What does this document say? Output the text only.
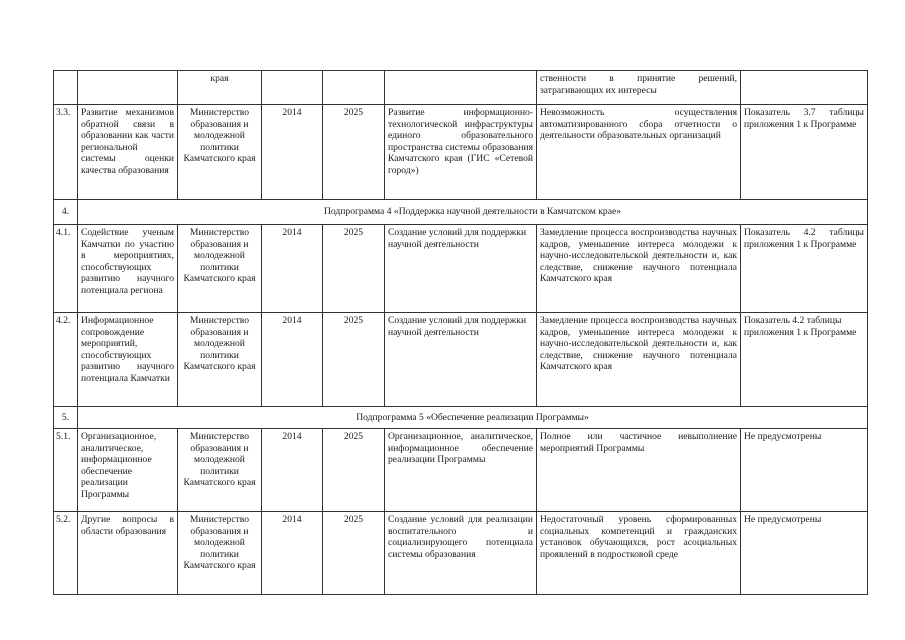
		края				ственности в принятие решений, затрагивающих их интересы	
3.3.	Развитие механизмов обратной связи в образовании как части региональной системы оценки качества образования	Министерство образования и молодежной политики Камчатского края	2014	2025	Развитие информационно-технологической инфраструктуры единого образовательного пространства системы образования Камчатского края (ГИС «Сетевой город»)	Невозможность осуществления автоматизированного сбора отчетности о деятельности образовательных организаций	Показатель 3.7 таблицы приложения 1 к Программе
4.	Подпрограмма 4 «Поддержка научной деятельности в Камчатском крае»						
4.1.	Содействие ученым Камчатки по участию в мероприятиях, способствующих развитию научного потенциала региона	Министерство образования и молодежной политики Камчатского края	2014	2025	Создание условий для поддержки научной деятельности	Замедление процесса воспроизводства научных кадров, уменьшение интереса молодежи к научно-исследовательской деятельности и, как следствие, снижение научного потенциала Камчатского края	Показатель 4.2 таблицы приложения 1 к Программе
4.2.	Информационное сопровождение мероприятий, способствующих развитию научного потенциала Камчатки	Министерство образования и молодежной политики Камчатского края	2014	2025	Создание условий для поддержки научной деятельности	Замедление процесса воспроизводства научных кадров, уменьшение интереса молодежи к научно-исследовательской деятельности и, как следствие, снижение научного потенциала Камчатского края	Показатель 4.2 таблицы приложения 1 к Программе
5.	Подпрограмма 5 «Обеспечение реализации Программы»						
5.1.	Организационное, аналитическое, информационное обеспечение реализации Программы	Министерство образования и молодежной политики Камчатского края	2014	2025	Организационное, аналитическое, информационное обеспечение реализации Программы	Полное или частичное невыполнение мероприятий Программы	Не предусмотрены
5.2.	Другие вопросы в области образования	Министерство образования и молодежной политики Камчатского края	2014	2025	Создание условий для реализации воспитательного и социализирующего потенциала системы образования	Недостаточный уровень сформированных социальных компетенций и гражданских установок обучающихся, рост асоциальных проявлений в подростковой среде	Не предусмотрены
